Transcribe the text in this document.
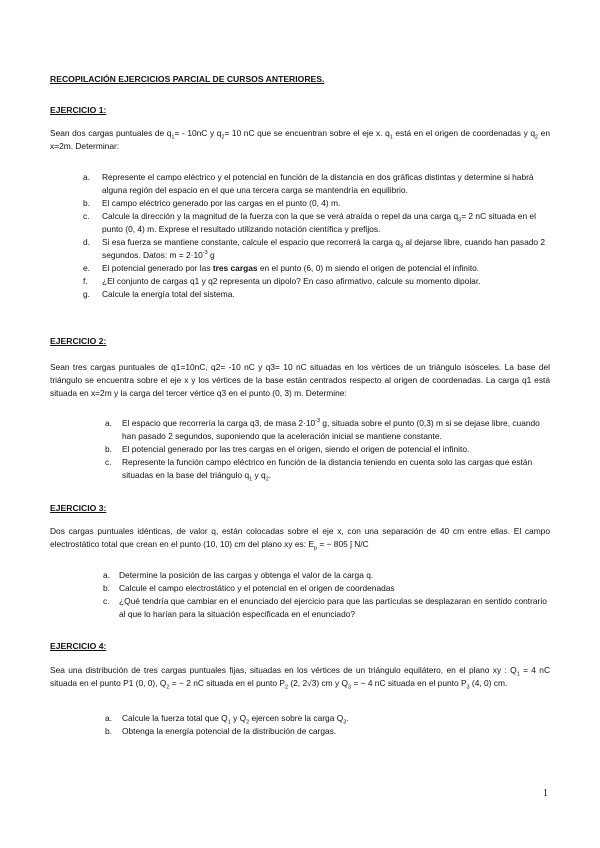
RECOPILACIÓN EJERCICIOS PARCIAL DE CURSOS ANTERIORES.
EJERCICIO 1:
Sean dos cargas puntuales de $q_1= - 10nC$ y $q_2= 10$ nC que se encuentran sobre el eje x. $q_1$ está en el origen de coordenadas y $q_2$ en x=2m. Determinar:
a. Represente el campo eléctrico y el potencial en función de la distancia en dos gráficas distintas y determine si habrá alguna región del espacio en el que una tercera carga se mantendría en equilibrio.
b. El campo eléctrico generado por las cargas en el punto (0, 4) m.
c. Calcule la dirección y la magnitud de la fuerza con la que se verá atraída o repel da una carga $q_3= 2$ nC situada en el punto (0, 4) m. Exprese el resultado utilizando notación científica y prefijos.
d. Si esa fuerza se mantiene constante, calcule el espacio que recorrerá la carga $q_3$ al dejarse libre, cuando han pasado 2 segundos. Datos: $m = 2\cdot 10^{-3}$ g
e. El potencial generado por las tres cargas en el punto (6, 0) m siendo el origen de potencial el infinito.
f. ¿El conjunto de cargas q1 y q2 representa un dipolo? En caso afirmativo, calcule su momento dipolar.
g. Calcule la energía total del sistema.
EJERCICIO 2:
Sean tres cargas puntuales de q1=10nC, q2= -10 nC y q3= 10 nC situadas en los vértices de un triángulo isósceles. La base del triángulo se encuentra sobre el eje x y los vértices de la base están centrados respecto al origen de coordenadas. La carga q1 está situada en x=2m y la carga del tercer vértice q3 en el punto (0, 3) m. Determine:
a. El espacio que recorrería la carga q3, de masa $2\cdot 10^{-3}$ g, situada sobre el punto (0,3) m si se dejase libre, cuando han pasado 2 segundos, suponiendo que la aceleración inicial se mantiene constante.
b. El potencial generado por las tres cargas en el origen, siendo el origen de potencial el infinito.
c. Represente la función campo eléctrico en función de la distancia teniendo en cuenta solo las cargas que están situadas en la base del triángulo $q_1$ y $q_2$.
EJERCICIO 3:
Dos cargas puntuales idénticas, de valor q, están colocadas sobre el eje x, con una separación de 40 cm entre ellas. El campo electrostático total que crean en el punto (10, 10) cm del plano xy es: $E_p$ = − 805 ĵ N/C
a. Determine la posición de las cargas y obtenga el valor de la carga q.
b. Calcule el campo electrostático y el potencial en el origen de coordenadas
c. ¿Qué tendría que cambiar en el enunciado del ejercicio para que las partículas se desplazaran en sentido contrario al que lo harían para la situación especificada en el enunciado?
EJERCICIO 4:
Sea una distribución de tres cargas puntuales fijas, situadas en los vértices de un triángulo equilátero, en el plano xy : $Q_1 = 4$ nC situada en el punto P1 (0, 0), $Q_2$ = − 2 nC situada en el punto $P_2$ (2, 2√3) cm y $Q_3$ = − 4 nC situada en el punto $P_3$ (4, 0) cm.
a. Calcule la fuerza total que $Q_1$ y $Q_2$ ejercen sobre la carga $Q_3$.
b. Obtenga la energía potencial de la distribución de cargas.
1
